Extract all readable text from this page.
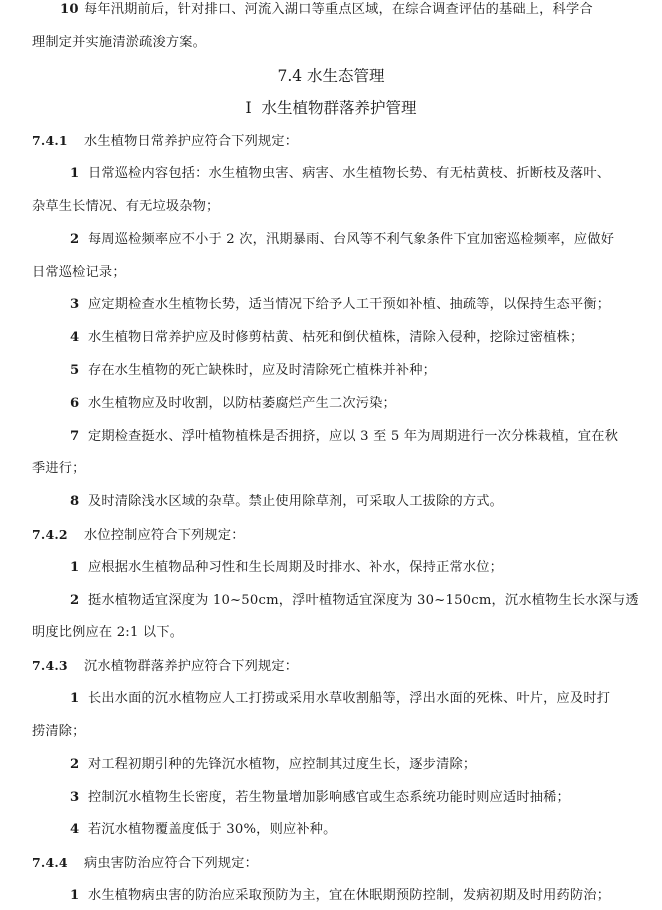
10 每年汛期前后，针对排口、河流入湖口等重点区域，在综合调查评估的基础上，科学合
理制定并实施清淤疏浚方案。
7.4 水生态管理
I 水生植物群落养护管理
7.4.1 水生植物日常养护应符合下列规定：
1 日常巡检内容包括：水生植物虫害、病害、水生植物长势、有无枯黄枝、折断枝及落叶、
杂草生长情况、有无垃圾杂物；
2 每周巡检频率应不小于 2 次，汛期暴雨、台风等不利气象条件下宜加密巡检频率，应做好
日常巡检记录；
3 应定期检查水生植物长势，适当情况下给予人工干预如补植、抽疏等，以保持生态平衡；
4 水生植物日常养护应及时修剪枯黄、枯死和倒伏植株，清除入侵种，挖除过密植株；
5 存在水生植物的死亡缺株时，应及时清除死亡植株并补种；
6 水生植物应及时收割，以防枯萎腐烂产生二次污染；
7 定期检查挺水、浮叶植物植株是否拥挤，应以 3 至 5 年为周期进行一次分株栽植，宜在秋
季进行；
8 及时清除浅水区域的杂草。禁止使用除草剂，可采取人工拔除的方式。
7.4.2 水位控制应符合下列规定：
1 应根据水生植物品种习性和生长周期及时排水、补水，保持正常水位；
2 挺水植物适宜深度为 10~50cm，浮叶植物适宜深度为 30~150cm，沉水植物生长水深与透
明度比例应在 2:1 以下。
7.4.3 沉水植物群落养护应符合下列规定：
1 长出水面的沉水植物应人工打捞或采用水草收割船等，浮出水面的死株、叶片，应及时打
捞清除；
2 对工程初期引种的先锋沉水植物，应控制其过度生长，逐步清除；
3 控制沉水植物生长密度，若生物量增加影响感官或生态系统功能时则应适时抽稀；
4 若沉水植物覆盖度低于 30%，则应补种。
7.4.4 病虫害防治应符合下列规定：
1 水生植物病虫害的防治应采取预防为主，宜在休眠期预防控制，发病初期及时用药防治；
